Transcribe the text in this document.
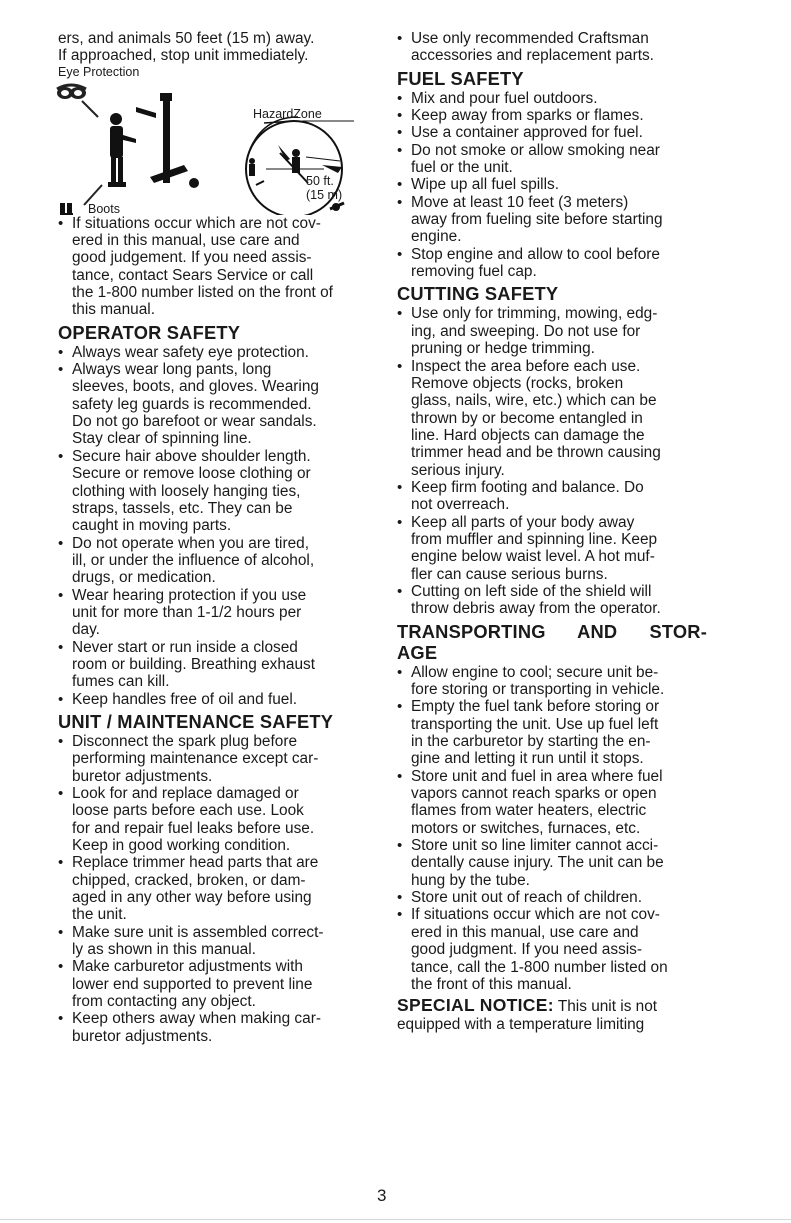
ers, and animals 50 feet (15 m) away.
If approached, stop unit immediately.

Eye Protection
Boots
HazardZone
50 ft.
(15 m)

• If situations occur which are not cov-
ered in this manual, use care and
good judgement. If you need assis-
tance, contact Sears Service or call
the 1-800 number listed on the front of
this manual.

OPERATOR SAFETY

• Always wear safety eye protection.

• Always wear long pants, long
sleeves, boots, and gloves. Wearing
safety leg guards is recommended.
Do not go barefoot or wear sandals.
Stay clear of spinning line.

• Secure hair above shoulder length.
Secure or remove loose clothing or
clothing with loosely hanging ties,
straps, tassels, etc. They can be
caught in moving parts.

• Do not operate when you are tired,
ill, or under the influence of alcohol,
drugs, or medication.

• Wear hearing protection if you use
unit for more than 1-1/2 hours per
day.

• Never start or run inside a closed
room or building. Breathing exhaust
fumes can kill.

• Keep handles free of oil and fuel.

UNIT / MAINTENANCE SAFETY

• Disconnect the spark plug before
performing maintenance except car-
buretor adjustments.

• Look for and replace damaged or
loose parts before each use. Look
for and repair fuel leaks before use.
Keep in good working condition.

• Replace trimmer head parts that are
chipped, cracked, broken, or dam-
aged in any other way before using
the unit.

• Make sure unit is assembled correct-
ly as shown in this manual.

• Make carburetor adjustments with
lower end supported to prevent line
from contacting any object.

• Keep others away when making car-
buretor adjustments.

• Use only recommended Craftsman
accessories and replacement parts.

FUEL SAFETY

• Mix and pour fuel outdoors.

• Keep away from sparks or flames.

• Use a container approved for fuel.

• Do not smoke or allow smoking near
fuel or the unit.

• Wipe up all fuel spills.

• Move at least 10 feet (3 meters)
away from fueling site before starting
engine.

• Stop engine and allow to cool before
removing fuel cap.

CUTTING SAFETY

• Use only for trimming, mowing, edg-
ing, and sweeping. Do not use for
pruning or hedge trimming.

• Inspect the area before each use.
Remove objects (rocks, broken
glass, nails, wire, etc.) which can be
thrown by or become entangled in
line. Hard objects can damage the
trimmer head and be thrown causing
serious injury.

• Keep firm footing and balance. Do
not overreach.

• Keep all parts of your body away
from muffler and spinning line. Keep
engine below waist level. A hot muf-
fler can cause serious burns.

• Cutting on left side of the shield will
throw debris away from the operator.

TRANSPORTING AND STOR-
AGE

• Allow engine to cool; secure unit be-
fore storing or transporting in vehicle.

• Empty the fuel tank before storing or
transporting the unit. Use up fuel left
in the carburetor by starting the en-
gine and letting it run until it stops.

• Store unit and fuel in area where fuel
vapors cannot reach sparks or open
flames from water heaters, electric
motors or switches, furnaces, etc.

• Store unit so line limiter cannot acci-
dentally cause injury. The unit can be
hung by the tube.

• Store unit out of reach of children.

• If situations occur which are not cov-
ered in this manual, use care and
good judgment. If you need assis-
tance, call the 1-800 number listed on
the front of this manual.

SPECIAL NOTICE: This unit is not
equipped with a temperature limiting
3
